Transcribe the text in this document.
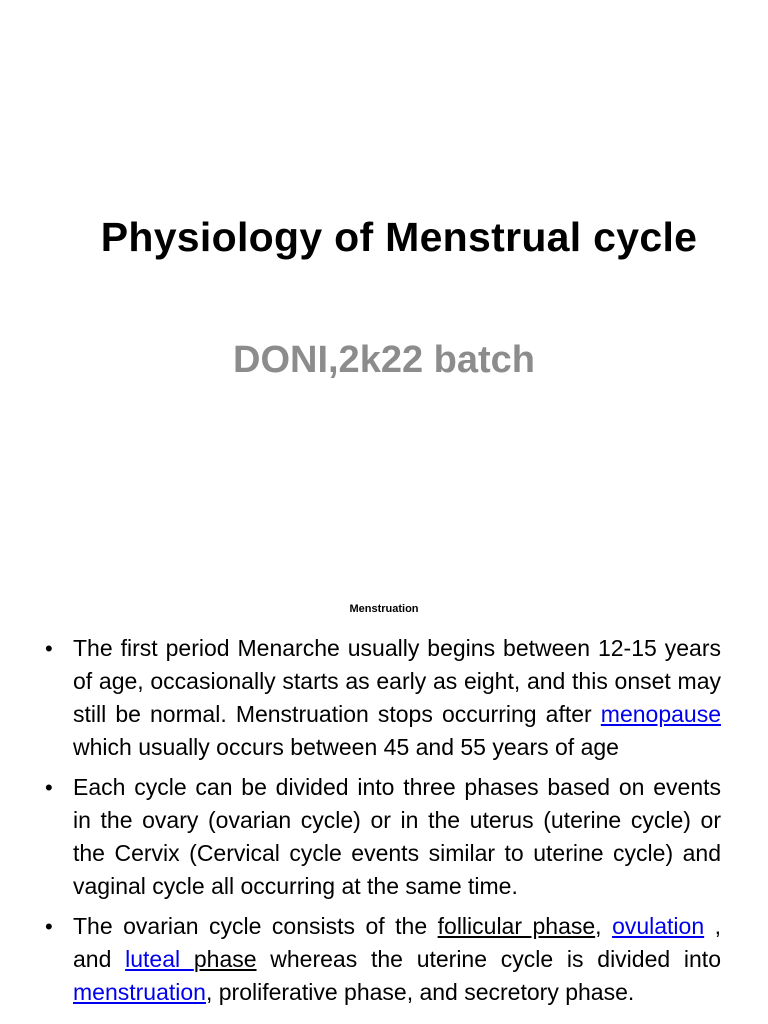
Physiology of Menstrual cycle
DONI,2k22 batch
Menstruation
• The first period Menarche usually begins between 12-15 years of age, occasionally starts as early as eight, and this onset may still be normal. Menstruation stops occurring after menopause which usually occurs between 45 and 55 years of age
• Each cycle can be divided into three phases based on events in the ovary (ovarian cycle) or in the uterus (uterine cycle) or the Cervix (Cervical cycle events similar to uterine cycle) and vaginal cycle all occurring at the same time.
• The ovarian cycle consists of the follicular phase, ovulation , and luteal phase whereas the uterine cycle is divided into menstruation, proliferative phase, and secretory phase.
